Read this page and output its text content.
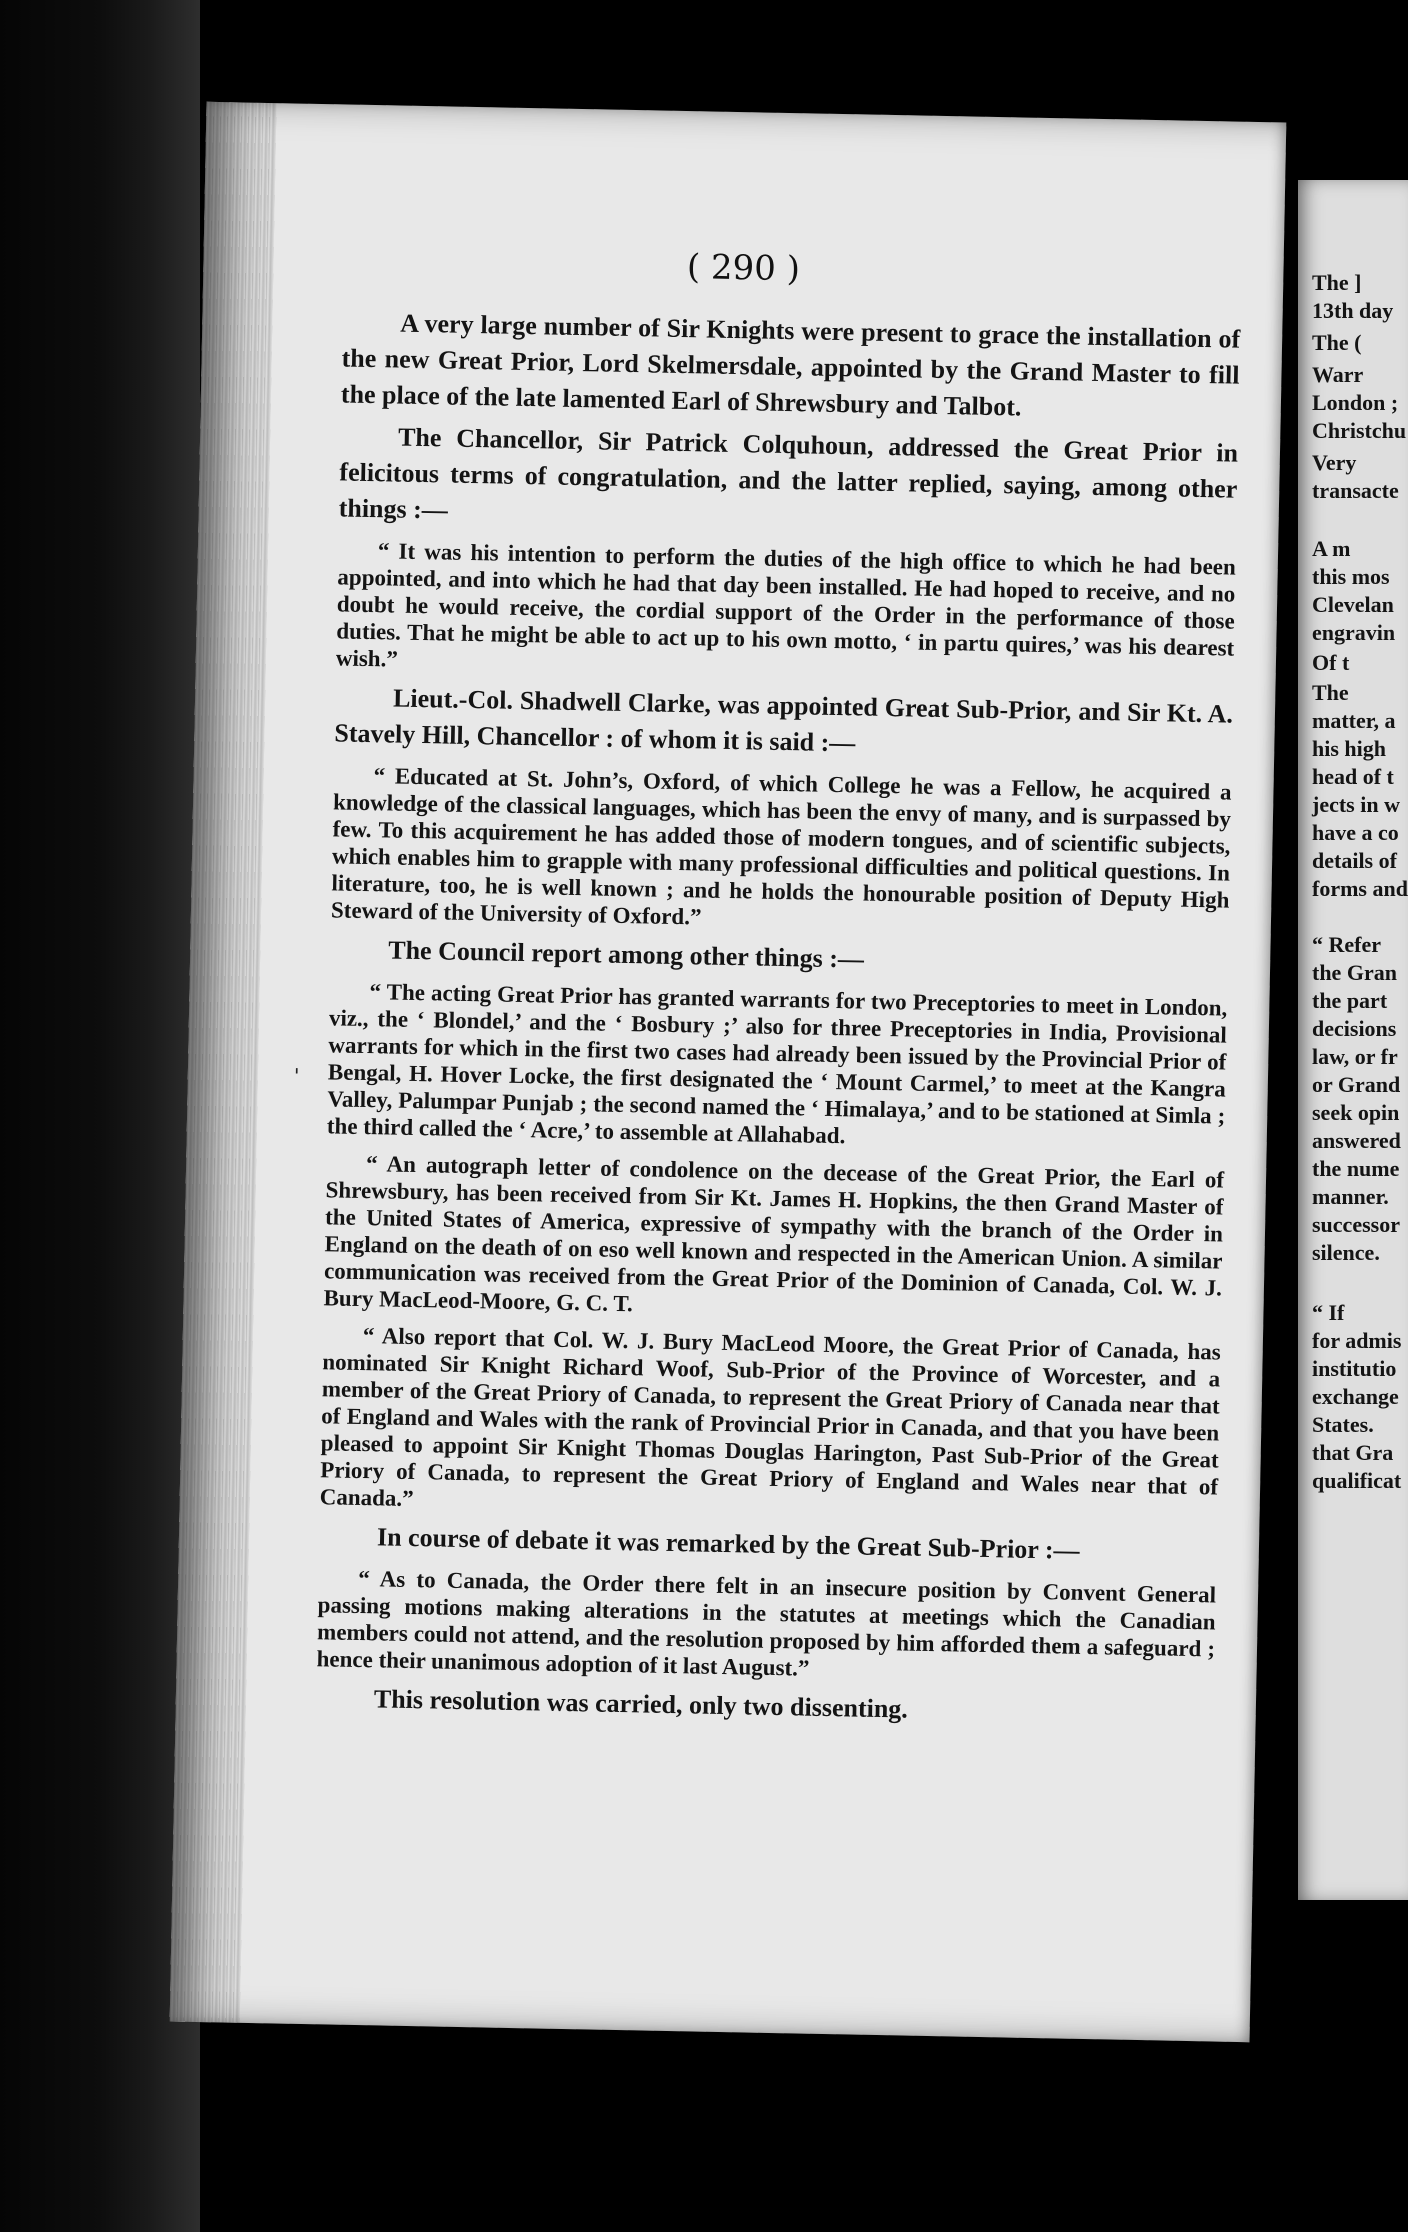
( 290 )
'

A very large number of Sir Knights were present to grace the installation of the new Great Prior, Lord Skelmersdale, appointed by the Grand Master to fill the place of the late lamented Earl of Shrewsbury and Talbot.

The Chancellor, Sir Patrick Colquhoun, addressed the Great Prior in felicitous terms of congratulation, and the latter replied, saying, among other things :—

“ It was his intention to perform the duties of the high office to which he had been appointed, and into which he had that day been installed. He had hoped to receive, and no doubt he would receive, the cordial support of the Order in the performance of those duties. That he might be able to act up to his own motto, ‘ in partu quires,’ was his dearest wish.”

Lieut.-Col. Shadwell Clarke, was appointed Great Sub-Prior, and Sir Kt. A. Stavely Hill, Chancellor : of whom it is said :—

“ Educated at St. John’s, Oxford, of which College he was a Fellow, he acquired a knowledge of the classical languages, which has been the envy of many, and is surpassed by few. To this acquirement he has added those of modern tongues, and of scientific subjects, which enables him to grapple with many professional difficulties and political questions. In literature, too, he is well known ; and he holds the honourable position of Deputy High Steward of the University of Oxford.”

The Council report among other things :—

“ The acting Great Prior has granted warrants for two Preceptories to meet in London, viz., the ‘ Blondel,’ and the ‘ Bosbury ;’ also for three Preceptories in India, Provisional warrants for which in the first two cases had already been issued by the Provincial Prior of Bengal, H. Hover Locke, the first designated the ‘ Mount Carmel,’ to meet at the Kangra Valley, Palumpar Punjab ; the second named the ‘ Himalaya,’ and to be stationed at Simla ; the third called the ‘ Acre,’ to assemble at Allahabad.

“ An autograph letter of condolence on the decease of the Great Prior, the Earl of Shrewsbury, has been received from Sir Kt. James H. Hopkins, the then Grand Master of the United States of America, expressive of sympathy with the branch of the Order in England on the death of on eso well known and respected in the American Union. A similar communication was received from the Great Prior of the Dominion of Canada, Col. W. J. Bury MacLeod-Moore, G. C. T.

“ Also report that Col. W. J. Bury MacLeod Moore, the Great Prior of Canada, has nominated Sir Knight Richard Woof, Sub-Prior of the Province of Worcester, and a member of the Great Priory of Canada, to represent the Great Priory of Canada near that of England and Wales with the rank of Provincial Prior in Canada, and that you have been pleased to appoint Sir Knight Thomas Douglas Harington, Past Sub-Prior of the Great Priory of Canada, to represent the Great Priory of England and Wales near that of Canada.”

In course of debate it was remarked by the Great Sub-Prior :—

“ As to Canada, the Order there felt in an insecure position by Convent General passing motions making alterations in the statutes at meetings which the Canadian members could not attend, and the resolution proposed by him afforded them a safeguard ; hence their unanimous adoption of it last August.”

This resolution was carried, only two dissenting.

The ]
13th day
The (
Warr
London ;
Christchu
Very
transacte
A m
this mos
Clevelan
engravin
Of t
The
matter, a
his high
head of t
jects in w
have a co
details of
forms and
“ Refer
the Gran
the part
decisions
law, or fr
or Grand
seek opin
answered
the nume
manner.
successor
silence.
“ If
for admis
institutio
exchange
States.
that Gra
qualificat
